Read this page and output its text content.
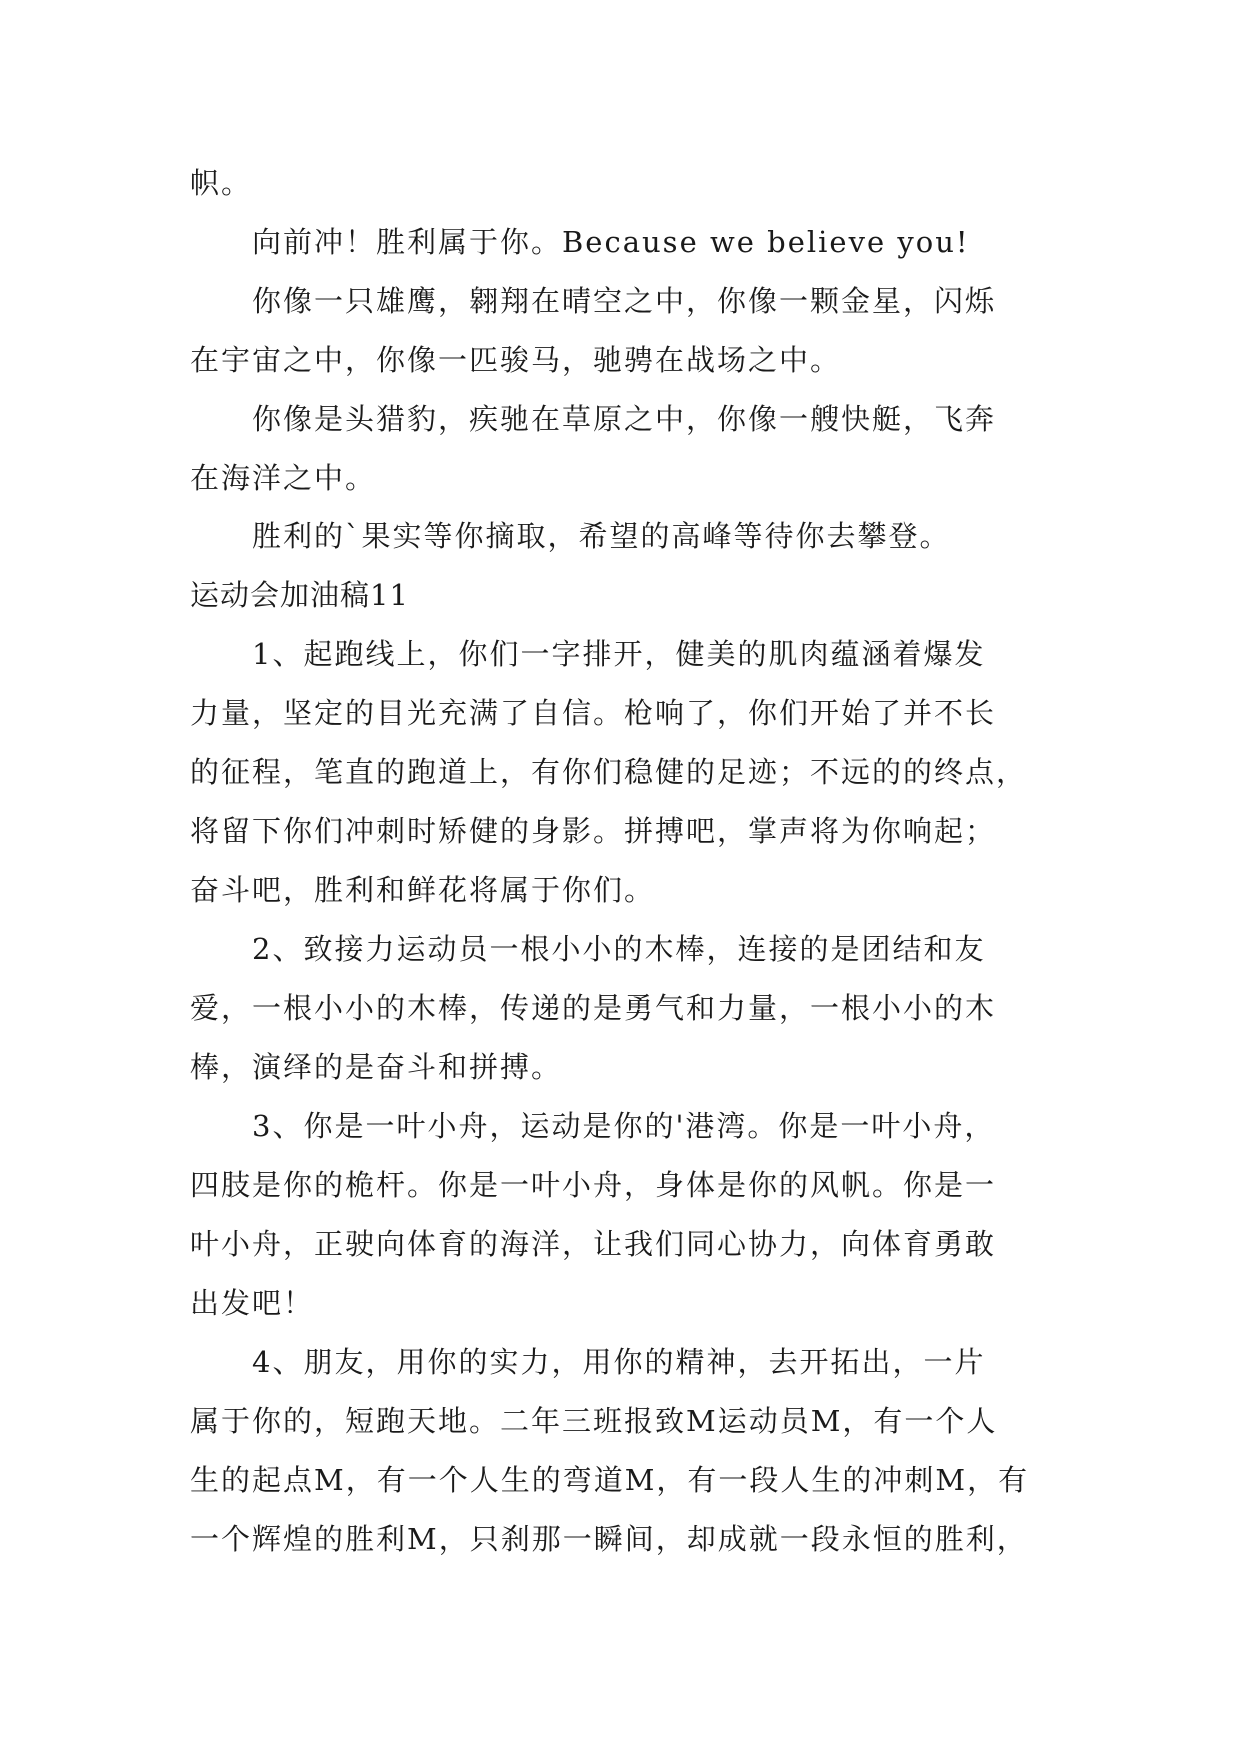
帜。
向前冲！胜利属于你。Because we believe you!
你像一只雄鹰，翱翔在晴空之中，你像一颗金星，闪烁
在宇宙之中，你像一匹骏马，驰骋在战场之中。
你像是头猎豹，疾驰在草原之中，你像一艘快艇，飞奔
在海洋之中。
胜利的`果实等你摘取，希望的高峰等待你去攀登。
运动会加油稿11
1、起跑线上，你们一字排开，健美的肌肉蕴涵着爆发
力量，坚定的目光充满了自信。枪响了，你们开始了并不长
的征程，笔直的跑道上，有你们稳健的足迹；不远的的终点，
将留下你们冲刺时矫健的身影。拼搏吧，掌声将为你响起；
奋斗吧，胜利和鲜花将属于你们。
2、致接力运动员一根小小的木棒，连接的是团结和友
爱，一根小小的木棒，传递的是勇气和力量，一根小小的木
棒，演绎的是奋斗和拼搏。
3、你是一叶小舟，运动是你的'港湾。你是一叶小舟，
四肢是你的桅杆。你是一叶小舟，身体是你的风帆。你是一
叶小舟，正驶向体育的海洋，让我们同心协力，向体育勇敢
出发吧！
4、朋友，用你的实力，用你的精神，去开拓出，一片
属于你的，短跑天地。二年三班报致M运动员M，有一个人
生的起点M，有一个人生的弯道M，有一段人生的冲刺M，有
一个辉煌的胜利M，只刹那一瞬间，却成就一段永恒的胜利，
